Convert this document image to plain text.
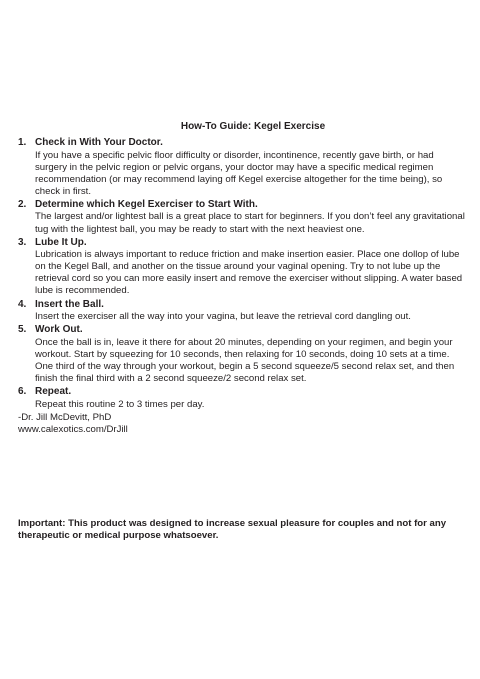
How-To Guide: Kegel Exercise
1. Check in With Your Doctor.
If you have a specific pelvic floor difficulty or disorder, incontinence, recently gave birth, or had surgery in the pelvic region or pelvic organs, your doctor may have a specific medical regimen recommendation (or may recommend laying off Kegel exercise altogether for the time being), so check in first.
2. Determine which Kegel Exerciser to Start With.
The largest and/or lightest ball is a great place to start for beginners. If you don’t feel any gravitational tug with the lightest ball, you may be ready to start with the next heaviest one.
3. Lube It Up.
Lubrication is always important to reduce friction and make insertion easier. Place one dollop of lube on the Kegel Ball, and another on the tissue around your vaginal opening. Try to not lube up the retrieval cord so you can more easily insert and remove the exerciser without slipping. A water based lube is recommended.
4. Insert the Ball.
Insert the exerciser all the way into your vagina, but leave the retrieval cord dangling out.
5. Work Out.
Once the ball is in, leave it there for about 20 minutes, depending on your regimen, and begin your workout. Start by squeezing for 10 seconds, then relaxing for 10 seconds, doing 10 sets at a time. One third of the way through your workout, begin a 5 second squeeze/5 second relax set, and then finish the final third with a 2 second squeeze/2 second relax set.
6. Repeat.
Repeat this routine 2 to 3 times per day.
-Dr. Jill McDevitt, PhD
www.calexotics.com/DrJill
Important: This product was designed to increase sexual pleasure for couples and not for any therapeutic or medical purpose whatsoever.
